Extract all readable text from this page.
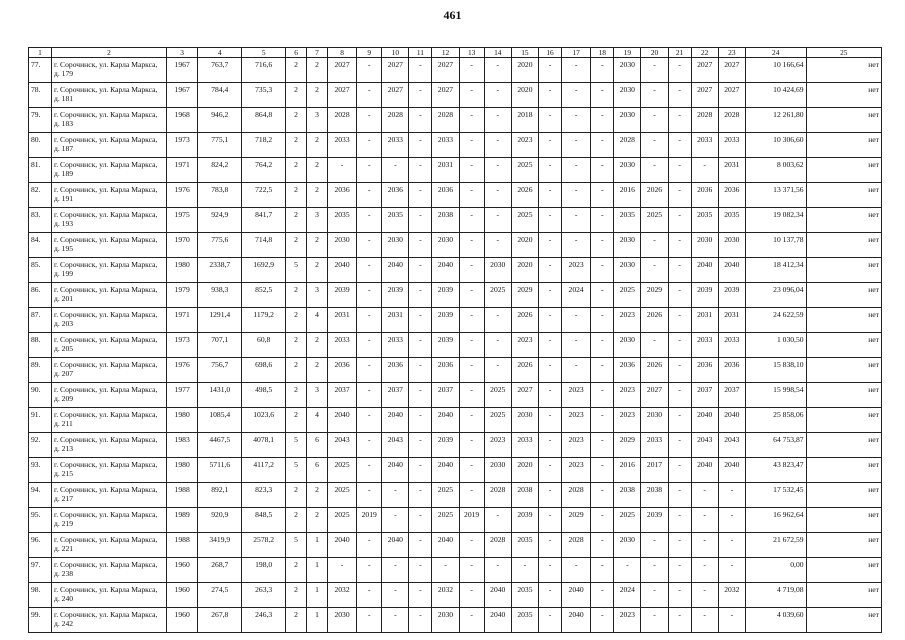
461
1	2	3	4	5	6	7	8	9	10	11	12	13	14	15	16	17	18	19	20	21	22	23	24	25
77.	г. Сорочинск, ул. Карла Маркса, д. 179	1967	763,7	716,6	2	2	2027	-	2027	-	2027	-	-	2020	-	-	-	2030	-	-	2027	2027	10 166,64	нет
78.	г. Сорочинск, ул. Карла Маркса, д. 181	1967	784,4	735,3	2	2	2027	-	2027	-	2027	-	-	2020	-	-	-	2030	-	-	2027	2027	10 424,69	нет
79.	г. Сорочинск, ул. Карла Маркса, д. 183	1968	946,2	864,8	2	3	2028	-	2028	-	2028	-	-	2018	-	-	-	2030	-	-	2028	2028	12 261,80	нет
80.	г. Сорочинск, ул. Карла Маркса, д. 187	1973	775,1	718,2	2	2	2033	-	2033	-	2033	-	-	2023	-	-	-	2028	-	-	2033	2033	10 306,60	нет
81.	г. Сорочинск, ул. Карла Маркса, д. 189	1971	824,2	764,2	2	2	-	-	-	-	2031	-	-	2025	-	-	-	2030	-	-	-	2031	8 003,62	нет
82.	г. Сорочинск, ул. Карла Маркса, д. 191	1976	783,8	722,5	2	2	2036	-	2036	-	2036	-	-	2026	-	-	-	2016	2026	-	2036	2036	13 371,56	нет
83.	г. Сорочинск, ул. Карла Маркса, д. 193	1975	924,9	841,7	2	3	2035	-	2035	-	2038	-	-	2025	-	-	-	2035	2025	-	2035	2035	19 082,34	нет
84.	г. Сорочинск, ул. Карла Маркса, д. 195	1970	775,6	714,8	2	2	2030	-	2030	-	2030	-	-	2020	-	-	-	2030	-	-	2030	2030	10 137,78	нет
85.	г. Сорочинск, ул. Карла Маркса, д. 199	1980	2338,7	1692,9	5	2	2040	-	2040	-	2040	-	2030	2020	-	2023	-	2030	-	-	2040	2040	18 412,34	нет
86.	г. Сорочинск, ул. Карла Маркса, д. 201	1979	938,3	852,5	2	3	2039	-	2039	-	2039	-	2025	2029	-	2024	-	2025	2029	-	2039	2039	23 096,04	нет
87.	г. Сорочинск, ул. Карла Маркса, д. 203	1971	1291,4	1179,2	2	4	2031	-	2031	-	2039	-	-	2026	-	-	-	2023	2026	-	2031	2031	24 622,59	нет
88.	г. Сорочинск, ул. Карла Маркса, д. 205	1973	707,1	60,8	2	2	2033	-	2033	-	2039	-	-	2023	-	-	-	2030	-	-	2033	2033	1 030,50	нет
89.	г. Сорочинск, ул. Карла Маркса, д. 207	1976	756,7	698,6	2	2	2036	-	2036	-	2036	-	-	2026	-	-	-	2036	2026	-	2036	2036	15 838,10	нет
90.	г. Сорочинск, ул. Карла Маркса, д. 209	1977	1431,0	498,5	2	3	2037	-	2037	-	2037	-	2025	2027	-	2023	-	2023	2027	-	2037	2037	15 998,54	нет
91.	г. Сорочинск, ул. Карла Маркса, д. 211	1980	1085,4	1023,6	2	4	2040	-	2040	-	2040	-	2025	2030	-	2023	-	2023	2030	-	2040	2040	25 858,06	нет
92.	г. Сорочинск, ул. Карла Маркса, д. 213	1983	4467,5	4078,1	5	6	2043	-	2043	-	2039	-	2023	2033	-	2023	-	2029	2033	-	2043	2043	64 753,87	нет
93.	г. Сорочинск, ул. Карла Маркса, д. 215	1980	5711,6	4117,2	5	6	2025	-	2040	-	2040	-	2030	2020	-	2023	-	2016	2017	-	2040	2040	43 823,47	нет
94.	г. Сорочинск, ул. Карла Маркса, д. 217	1988	892,1	823,3	2	2	2025	-	-	-	2025	-	2028	2038	-	2028	-	2038	2038	-	-	-	17 532,45	нет
95.	г. Сорочинск, ул. Карла Маркса, д. 219	1989	920,9	848,5	2	2	2025	2019	-	-	2025	2019	-	2039	-	2029	-	2025	2039	-	-	-	16 962,64	нет
96.	г. Сорочинск, ул. Карла Маркса, д. 221	1988	3419,9	2578,2	5	1	2040	-	2040	-	2040	-	2028	2035	-	2028	-	2030	-	-	-	-	21 672,59	нет
97.	г. Сорочинск, ул. Карла Маркса, д. 238	1960	268,7	198,0	2	1	-	-	-	-	-	-	-	-	-	-	-	-	-	-	-	-	0,00	нет
98.	г. Сорочинск, ул. Карла Маркса, д. 240	1960	274,5	263,3	2	1	2032	-	-	-	2032	-	2040	2035	-	2040	-	2024	-	-	-	2032	4 719,08	нет
99.	г. Сорочинск, ул. Карла Маркса, д. 242	1960	267,8	246,3	2	1	2030	-	-	-	2030	-	2040	2035	-	2040	-	2023	-	-	-	-	4 039,60	нет
